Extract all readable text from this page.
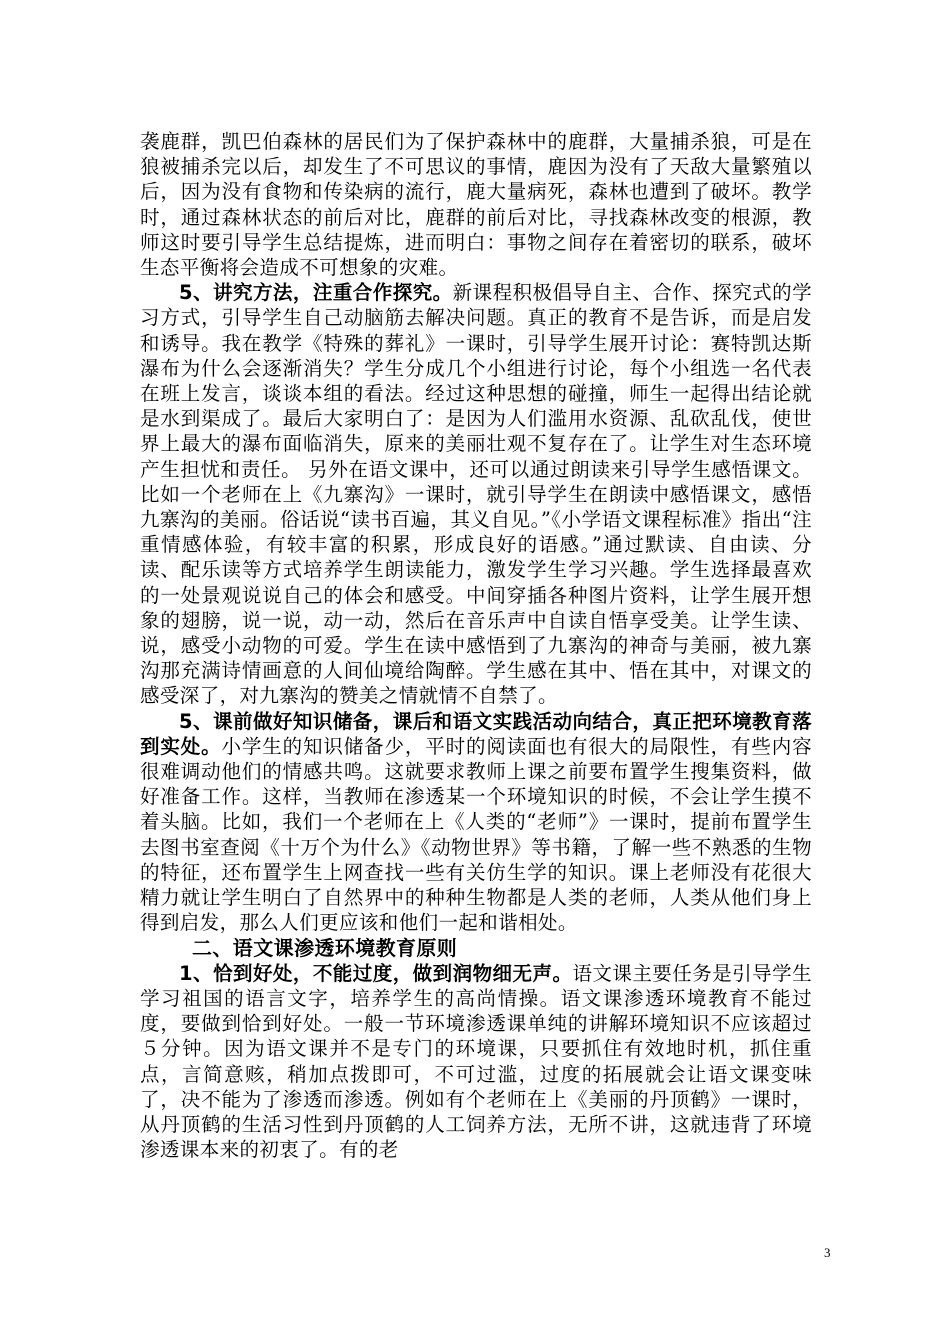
袭鹿群，凯巴伯森林的居民们为了保护森林中的鹿群，大量捕杀狼，可是在狼被捕杀完以后，却发生了不可思议的事情，鹿因为没有了天敌大量繁殖以后，因为没有食物和传染病的流行，鹿大量病死，森林也遭到了破坏。教学时，通过森林状态的前后对比，鹿群的前后对比，寻找森林改变的根源，教师这时要引导学生总结提炼，进而明白：事物之间存在着密切的联系，破坏生态平衡将会造成不可想象的灾难。

5、讲究方法，注重合作探究。新课程积极倡导自主、合作、探究式的学习方式，引导学生自己动脑筋去解决问题。真正的教育不是告诉，而是启发和诱导。我在教学《特殊的葬礼》一课时，引导学生展开讨论：赛特凯达斯瀑布为什么会逐渐消失？学生分成几个小组进行讨论，每个小组选一名代表在班上发言，谈谈本组的看法。经过这种思想的碰撞，师生一起得出结论就是水到渠成了。最后大家明白了：是因为人们滥用水资源、乱砍乱伐，使世界上最大的瀑布面临消失，原来的美丽壮观不复存在了。让学生对生态环境产生担忧和责任。 另外在语文课中，还可以通过朗读来引导学生感悟课文。比如一个老师在上《九寨沟》一课时，就引导学生在朗读中感悟课文，感悟九寨沟的美丽。俗话说“读书百遍，其义自见。”《小学语文课程标准》指出“注重情感体验，有较丰富的积累，形成良好的语感。”通过默读、自由读、分读、配乐读等方式培养学生朗读能力，激发学生学习兴趣。学生选择最喜欢的一处景观说说自己的体会和感受。中间穿插各种图片资料，让学生展开想象的翅膀，说一说，动一动，然后在音乐声中自读自悟享受美。让学生读、说，感受小动物的可爱。学生在读中感悟到了九寨沟的神奇与美丽，被九寨沟那充满诗情画意的人间仙境给陶醉。学生感在其中、悟在其中，对课文的感受深了，对九寨沟的赞美之情就情不自禁了。

5、课前做好知识储备，课后和语文实践活动向结合，真正把环境教育落到实处。小学生的知识储备少，平时的阅读面也有很大的局限性，有些内容很难调动他们的情感共鸣。这就要求教师上课之前要布置学生搜集资料，做好准备工作。这样，当教师在渗透某一个环境知识的时候，不会让学生摸不着头脑。比如，我们一个老师在上《人类的“老师”》一课时，提前布置学生去图书室查阅《十万个为什么》《动物世界》等书籍，了解一些不熟悉的生物的特征，还布置学生上网查找一些有关仿生学的知识。课上老师没有花很大精力就让学生明白了自然界中的种种生物都是人类的老师，人类从他们身上得到启发，那么人们更应该和他们一起和谐相处。

二、语文课渗透环境教育原则

1、恰到好处，不能过度，做到润物细无声。语文课主要任务是引导学生学习祖国的语言文字，培养学生的高尚情操。语文课渗透环境教育不能过度，要做到恰到好处。一般一节环境渗透课单纯的讲解环境知识不应该超过５分钟。因为语文课并不是专门的环境课，只要抓住有效地时机，抓住重点，言简意赅，稍加点拨即可，不可过滥，过度的拓展就会让语文课变味了，决不能为了渗透而渗透。例如有个老师在上《美丽的丹顶鹤》一课时，从丹顶鹤的生活习性到丹顶鹤的人工饲养方法，无所不讲，这就违背了环境渗透课本来的初衷了。有的老

3
